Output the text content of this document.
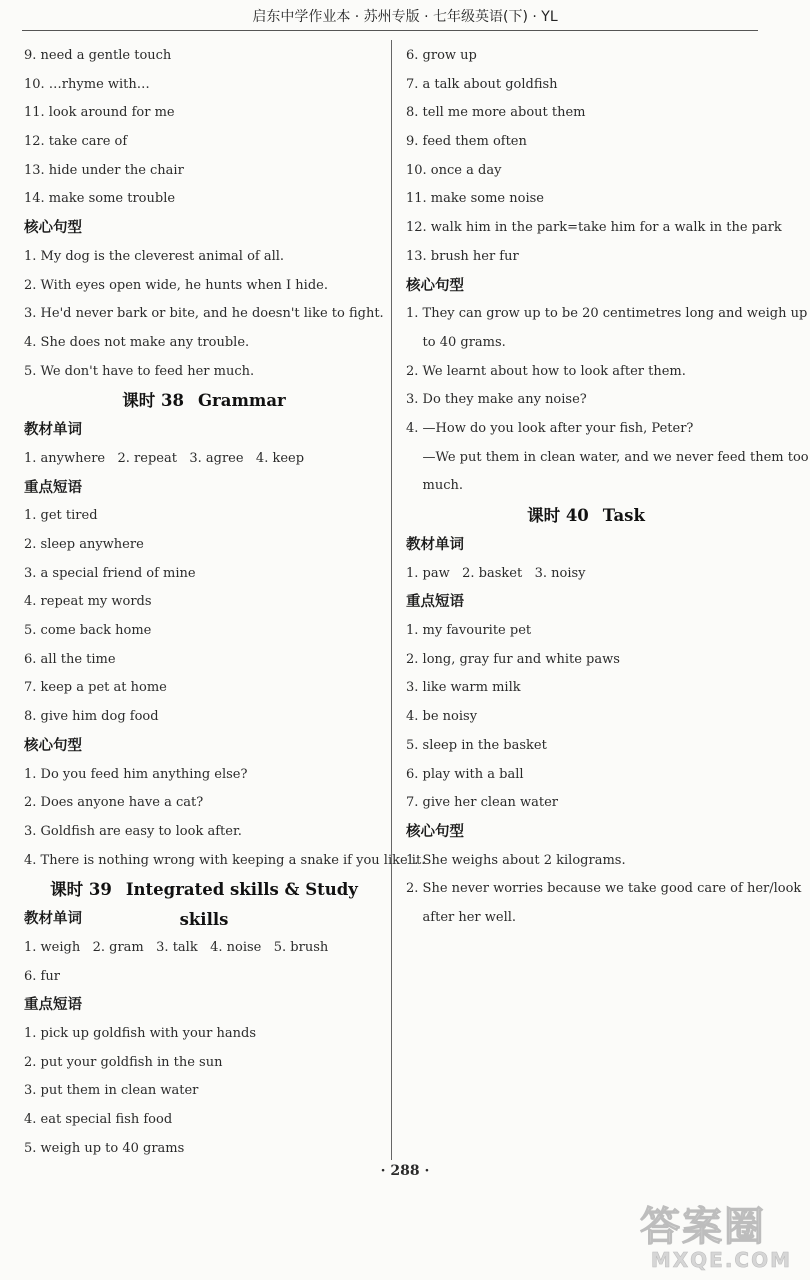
启东中学作业本 · 苏州专版 · 七年级英语(下) · YL
9. need a gentle touch
10. …rhyme with…
11. look around for me
12. take care of
13. hide under the chair
14. make some trouble
核心句型
1. My dog is the cleverest animal of all.
2. With eyes open wide, he hunts when I hide.
3. He'd never bark or bite, and he doesn't like to fight.
4. She does not make any trouble.
5. We don't have to feed her much.
课时 38 Grammar
教材单词
1. anywhere   2. repeat   3. agree   4. keep
重点短语
1. get tired
2. sleep anywhere
3. a special friend of mine
4. repeat my words
5. come back home
6. all the time
7. keep a pet at home
8. give him dog food
核心句型
1. Do you feed him anything else?
2. Does anyone have a cat?
3. Goldfish are easy to look after.
4. There is nothing wrong with keeping a snake if you like it.
课时 39 Integrated skills & Study skills
教材单词
1. weigh   2. gram   3. talk   4. noise   5. brush
6. fur
重点短语
1. pick up goldfish with your hands
2. put your goldfish in the sun
3. put them in clean water
4. eat special fish food
5. weigh up to 40 grams
6. grow up
7. a talk about goldfish
8. tell me more about them
9. feed them often
10. once a day
11. make some noise
12. walk him in the park=take him for a walk in the park
13. brush her fur
核心句型
1. They can grow up to be 20 centimetres long and weigh up
to 40 grams.
2. We learnt about how to look after them.
3. Do they make any noise?
4. —How do you look after your fish, Peter?
—We put them in clean water, and we never feed them too
much.
课时 40 Task
教材单词
1. paw   2. basket   3. noisy
重点短语
1. my favourite pet
2. long, gray fur and white paws
3. like warm milk
4. be noisy
5. sleep in the basket
6. play with a ball
7. give her clean water
核心句型
1. She weighs about 2 kilograms.
2. She never worries because we take good care of her/look
after her well.
· 288 ·
答案圈
MXQE.COM
